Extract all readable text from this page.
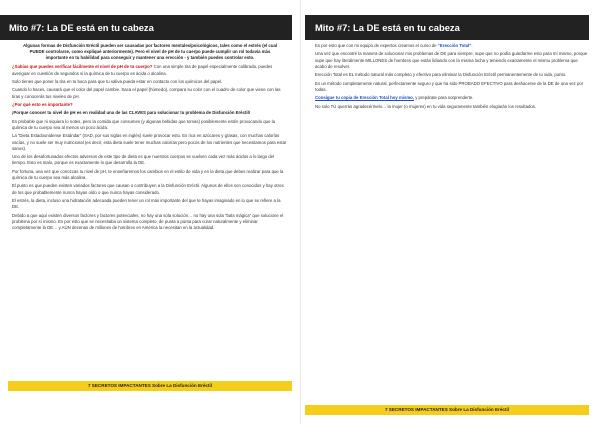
Mito #7: La DE está en tu cabeza

Algunas formas de Disfunción Eréctil pueden ser causadas por factores mentales/psicológicos, tales como el estrés (el cual PUEDE controlarse, como expliqué anteriormente). Pero el nivel de pH de tu cuerpo puede cumplir un rol todavía más importante en tu habilidad para conseguir y mantener una erección - y también puedes controlar esto.

¿Sabías que puedes verificar fácilmente el nivel de pH de tu cuerpo? Con una simple tira de papel especialmente calibrada, puedes averiguar en cuestión de segundos si la química de tu cuerpo es ácida o alcalina.

Solo tienes que poner la tira en tu boca para que tu saliva pueda estar en contacto con los químicos del papel.

Cuando lo haces, causará que el color del papel cambie. Saca el papel (húmedo), compara su color con el cuadro de color que viene con las tiras y conocerás tus niveles de pH.

¿Por qué esto es importante?

¡Porque conocer tu nivel de pH es en realidad una de las CLAVES para solucionar tu problema de Disfunción Eréctil!

Es probable que ni siquiera lo notes, pero la comida que consumes (y algunas bebidas que tomas) posiblemente estén provocando que la química de tu cuerpo sea al menos un poco ácida.

La “Dieta Estadounidense Estándar” (SAD, por sus siglas en inglés) suele provocar esto. Es rica en azúcares y grasas, con muchas calorías vacías, y no suele ser muy nutricional (es decir, esta dieta suele tener muchas calorías pero pocos de los nutrientes que necesitamos para estar sanos).

Uno de los desafortunados efectos adversos de este tipo de dieta es que nuestros cuerpos se vuelven cada vez más ácidos a lo largo del tiempo. Esto es malo, porque es exactamente lo que desarrolla la DE.

Por fortuna, una vez que conozcas tu nivel de pH, te enseñaremos los cambios en el estilo de vida y en la dieta que debes realizar para que la química de tu cuerpo sea más alcalina.

El punto es que pueden existen variados factores que causan o contribuyen a la Disfunción Eréctil. Algunos de ellos son conocidos y hay otros de los que probablemente nunca hayas oído o que nunca hayas considerado.

El estrés, la dieta, incluso una hidratación adecuada pueden tener un rol más importante del que te hayas imaginado en lo que se refiere a la DE.

Debido a que aquí existen diversos factores y factores potenciales, no hay una sola solución… no hay una sola “bala mágica” que solucione el problema por sí mismo. Es por esto que se necesitaba un sistema completo, de punta a punta para curar naturalmente y eliminar completamente la DE… y AÚN decenas de millones de hombres en América la necesitan en la actualidad.

7 SECRETOS IMPACTANTES Sobre La Disfunción Eréctil
Mito #7: La DE está en tu cabeza

Es por esto que con mi equipo de expertos creamos el curso de “Erección Total”.

Una vez que encontré la manera de solucionar mis problemas de DE para siempre, supe que no podía guardarme esto para mí mismo, porque supe que hay literalmente MILLONES de hombres que están lidiando con la misma lucha y teniendo exactamente el mismo problema que acabo de resolver.

Erección Total es EL método natural más completo y efectivo para eliminar la Disfunción Eréctil permanentemente de tu vida, punto.

Es un método completamente natural, perfectamente seguro y que ha sido PROBADO EFECTIVO para deshacerse de la DE de una vez por todas.

Consigue tu copia de Erección Total hoy mismo, y prepárate para sorprenderte.

No solo TÚ querrás agradecérmelo… la mujer (o mujeres) en tu vida seguramente también elogiarán los resultados.

7 SECRETOS IMPACTANTES Sobre La Disfunción Eréctil
